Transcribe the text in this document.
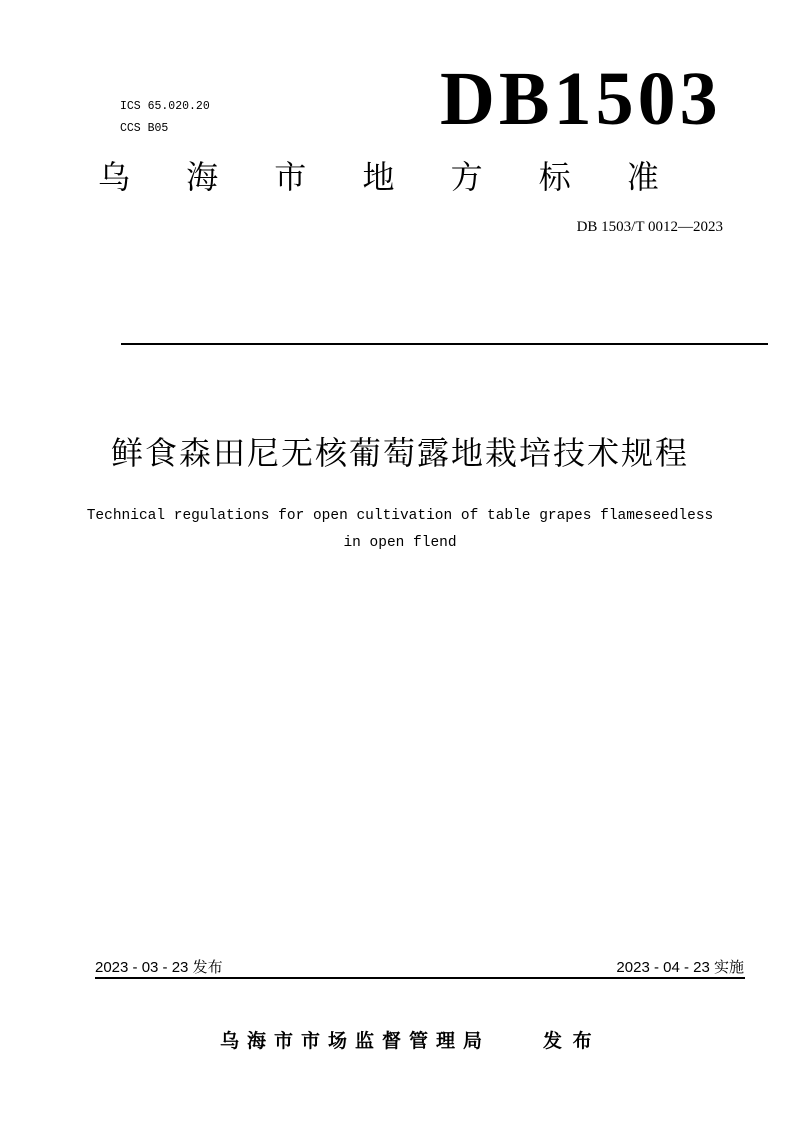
ICS 65.020.20
CCS B05	DB1503
乌 海 市 地 方 标 准
DB 1503/T 0012—2023
鲜食森田尼无核葡萄露地栽培技术规程
Technical regulations for open cultivation of table grapes flameseedless
in open flend
2023 - 03 - 23 发布	2023 - 04 - 23 实施
乌海市市场监督管理局	发 布
